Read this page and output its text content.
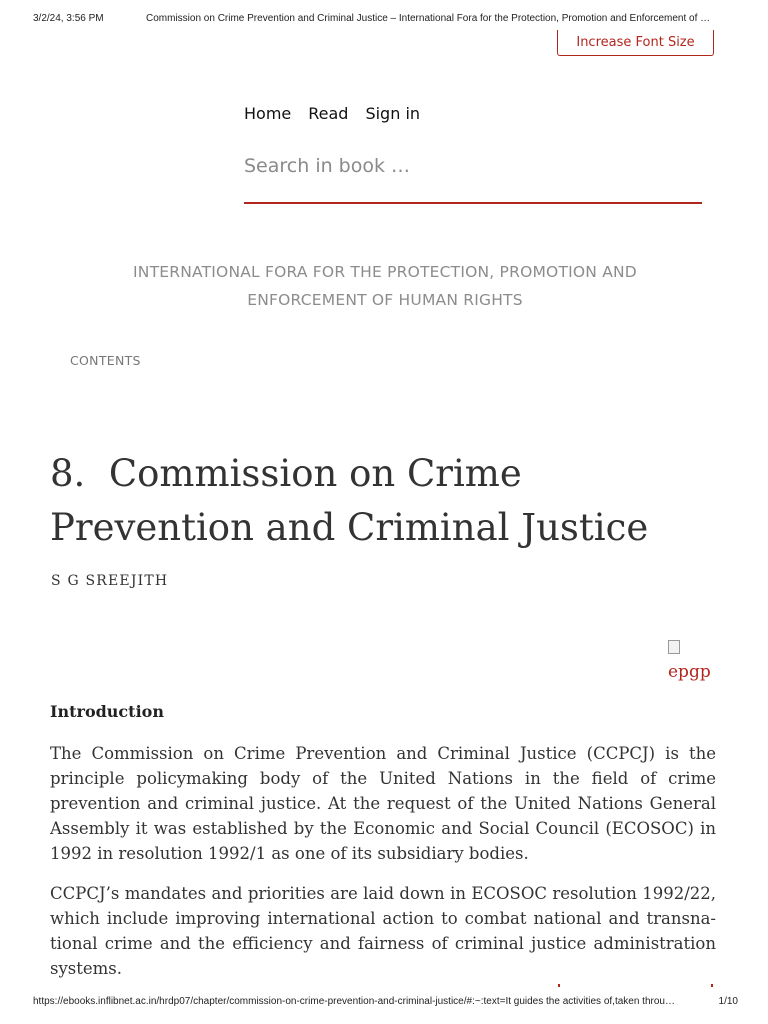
3/2/24, 3:56 PM	Commission on Crime Prevention and Criminal Justice – International Fora for the Protection, Promotion and Enforcement of …
Increase Font Size
Home Read Sign in
Search in book …
INTERNATIONAL FORA FOR THE PROTECTION, PROMOTION AND
ENFORCEMENT OF HUMAN RIGHTS
CONTENTS
8.  Commission on Crime
Prevention and Criminal Justice
S G SREEJITH
epgp
Introduction

The Commission on Crime Prevention and Criminal Justice (CCPCJ) is the principle policymaking body of the United Nations in the field of crime prevention and criminal justice. At the request of the United Nations General Assembly it was established by the Economic and Social Council (ECOSOC) in 1992 in resolution 1992/1 as one of its subsidiary bodies.

CCPCJ’s mandates and priorities are laid down in ECOSOC resolution 1992/22, which include improving international action to combat national and transnational crime and the efficiency and fairness of criminal justice administration systems.

https://ebooks.inflibnet.ac.in/hrdp07/chapter/commission-on-crime-prevention-and-criminal-justice/#:~:text=It guides the activities of,taken throu…	1/10
